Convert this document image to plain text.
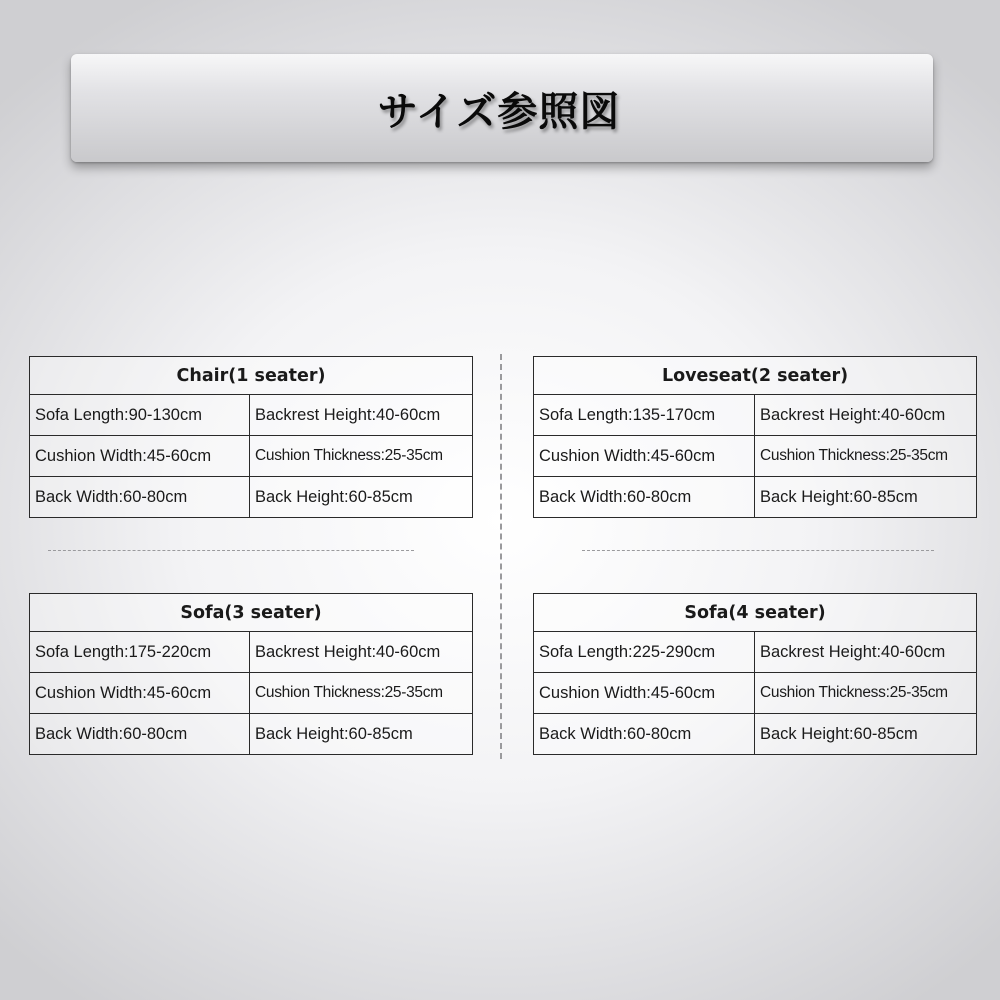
サイズ参照図
Chair(1 seater)	
Sofa Length:90-130cm	Backrest Height:40-60cm
Cushion Width:45-60cm	Cushion Thickness:25-35cm
Back Width:60-80cm	Back Height:60-85cm
Loveseat(2 seater)	
Sofa Length:135-170cm	Backrest Height:40-60cm
Cushion Width:45-60cm	Cushion Thickness:25-35cm
Back Width:60-80cm	Back Height:60-85cm
Sofa(3 seater)	
Sofa Length:175-220cm	Backrest Height:40-60cm
Cushion Width:45-60cm	Cushion Thickness:25-35cm
Back Width:60-80cm	Back Height:60-85cm
Sofa(4 seater)	
Sofa Length:225-290cm	Backrest Height:40-60cm
Cushion Width:45-60cm	Cushion Thickness:25-35cm
Back Width:60-80cm	Back Height:60-85cm
